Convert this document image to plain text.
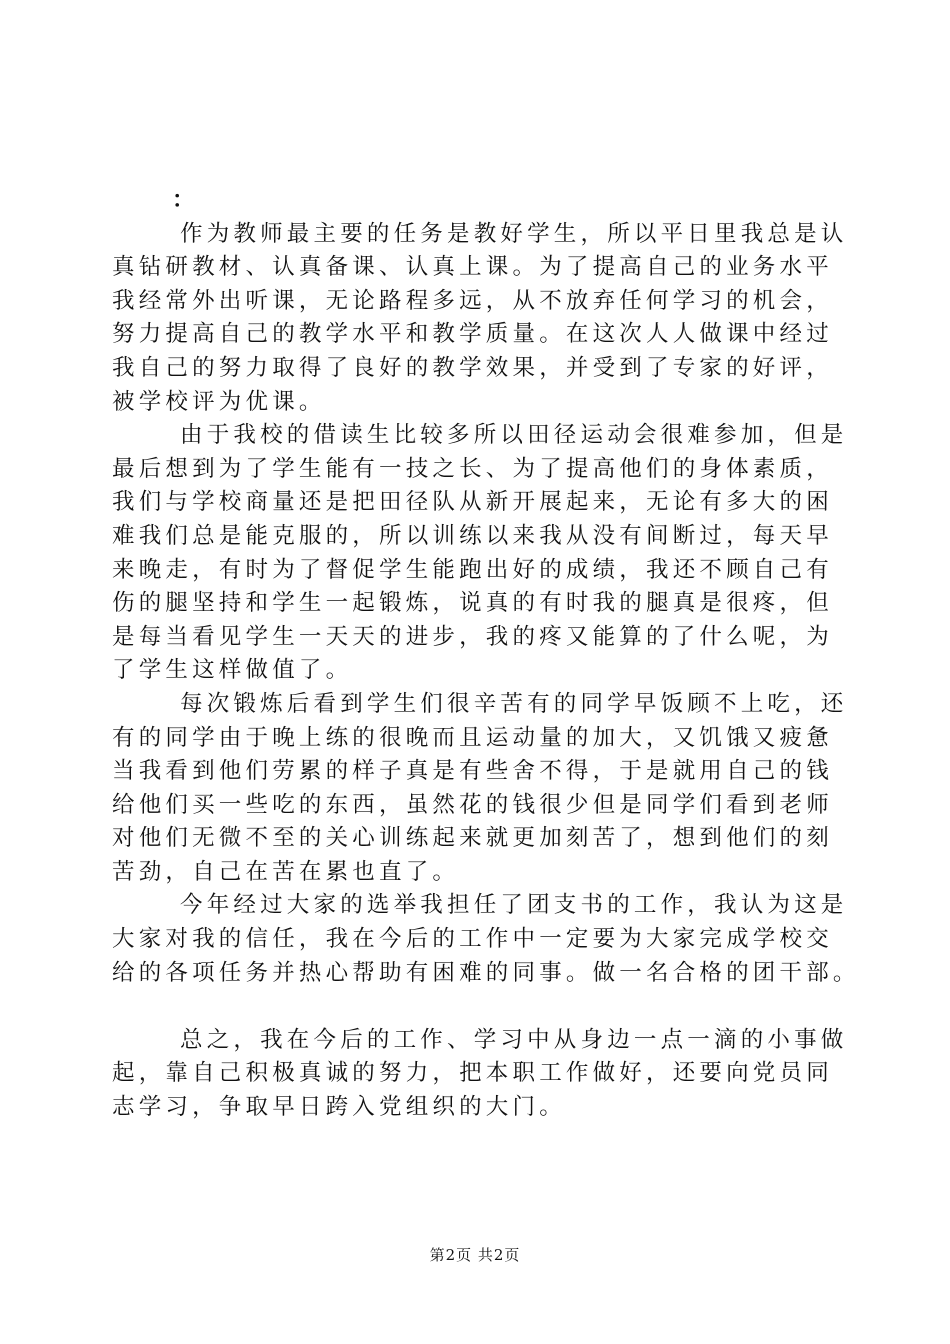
：
作为教师最主要的任务是教好学生，所以平日里我总是认
真钻研教材、认真备课、认真上课。为了提高自己的业务水平
我经常外出听课，无论路程多远，从不放弃任何学习的机会，
努力提高自己的教学水平和教学质量。在这次人人做课中经过
我自己的努力取得了良好的教学效果，并受到了专家的好评，
被学校评为优课。
由于我校的借读生比较多所以田径运动会很难参加，但是
最后想到为了学生能有一技之长、为了提高他们的身体素质，
我们与学校商量还是把田径队从新开展起来，无论有多大的困
难我们总是能克服的，所以训练以来我从没有间断过，每天早
来晚走，有时为了督促学生能跑出好的成绩，我还不顾自己有
伤的腿坚持和学生一起锻炼，说真的有时我的腿真是很疼，但
是每当看见学生一天天的进步，我的疼又能算的了什么呢，为
了学生这样做值了。
每次锻炼后看到学生们很辛苦有的同学早饭顾不上吃，还
有的同学由于晚上练的很晚而且运动量的加大，又饥饿又疲惫
当我看到他们劳累的样子真是有些舍不得，于是就用自己的钱
给他们买一些吃的东西，虽然花的钱很少但是同学们看到老师
对他们无微不至的关心训练起来就更加刻苦了，想到他们的刻
苦劲，自己在苦在累也直了。
今年经过大家的选举我担任了团支书的工作，我认为这是
大家对我的信任，我在今后的工作中一定要为大家完成学校交
给的各项任务并热心帮助有困难的同事。做一名合格的团干部。
总之，我在今后的工作、学习中从身边一点一滴的小事做
起，靠自己积极真诚的努力，把本职工作做好，还要向党员同
志学习，争取早日跨入党组织的大门。
第2页 共2页
